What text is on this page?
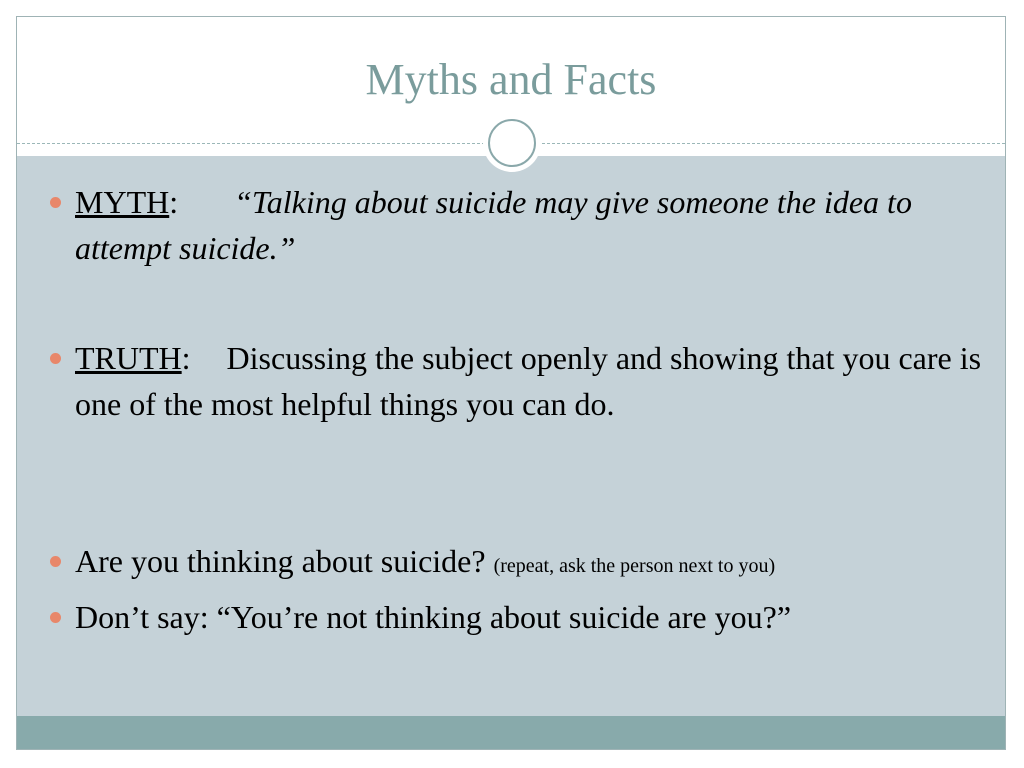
Myths and Facts
MYTH: “Talking about suicide may give someone the idea to attempt suicide.”
TRUTH: Discussing the subject openly and showing that you care is one of the most helpful things you can do.
Are you thinking about suicide? (repeat, ask the person next to you)
Don’t say: “You’re not thinking about suicide are you?”
